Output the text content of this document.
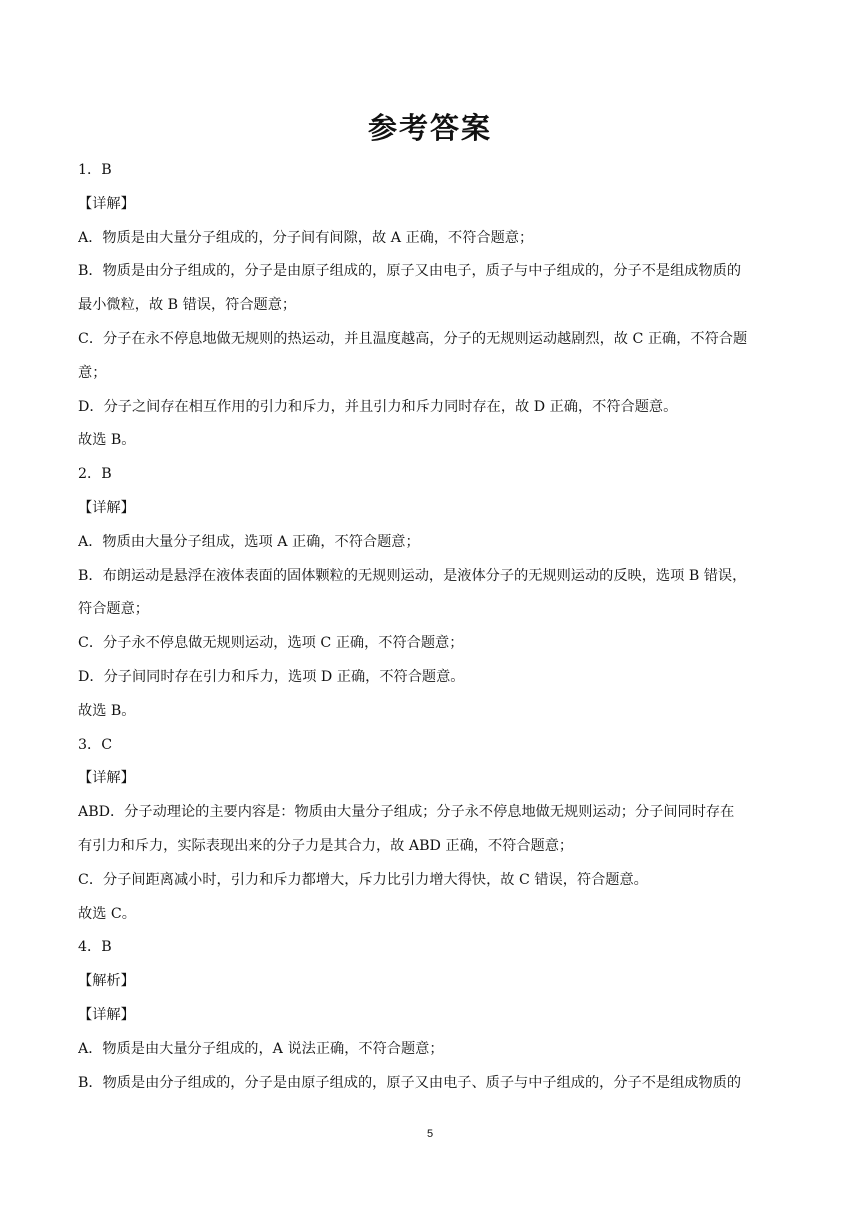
参考答案
1．B
【详解】
A．物质是由大量分子组成的，分子间有间隙，故 A 正确，不符合题意；
B．物质是由分子组成的，分子是由原子组成的，原子又由电子，质子与中子组成的，分子不是组成物质的
最小微粒，故 B 错误，符合题意；
C．分子在永不停息地做无规则的热运动，并且温度越高，分子的无规则运动越剧烈，故 C 正确，不符合题
意；
D．分子之间存在相互作用的引力和斥力，并且引力和斥力同时存在，故 D 正确，不符合题意。
故选 B。
2．B
【详解】
A．物质由大量分子组成，选项 A 正确，不符合题意；
B．布朗运动是悬浮在液体表面的固体颗粒的无规则运动，是液体分子的无规则运动的反映，选项 B 错误，
符合题意；
C．分子永不停息做无规则运动，选项 C 正确，不符合题意；
D．分子间同时存在引力和斥力，选项 D 正确，不符合题意。
故选 B。
3．C
【详解】
ABD．分子动理论的主要内容是：物质由大量分子组成；分子永不停息地做无规则运动；分子间同时存在
有引力和斥力，实际表现出来的分子力是其合力，故 ABD 正确，不符合题意；
C．分子间距离减小时，引力和斥力都增大，斥力比引力增大得快，故 C 错误，符合题意。
故选 C。
4．B
【解析】
【详解】
A．物质是由大量分子组成的，A 说法正确，不符合题意；
B．物质是由分子组成的，分子是由原子组成的，原子又由电子、质子与中子组成的，分子不是组成物质的
5
